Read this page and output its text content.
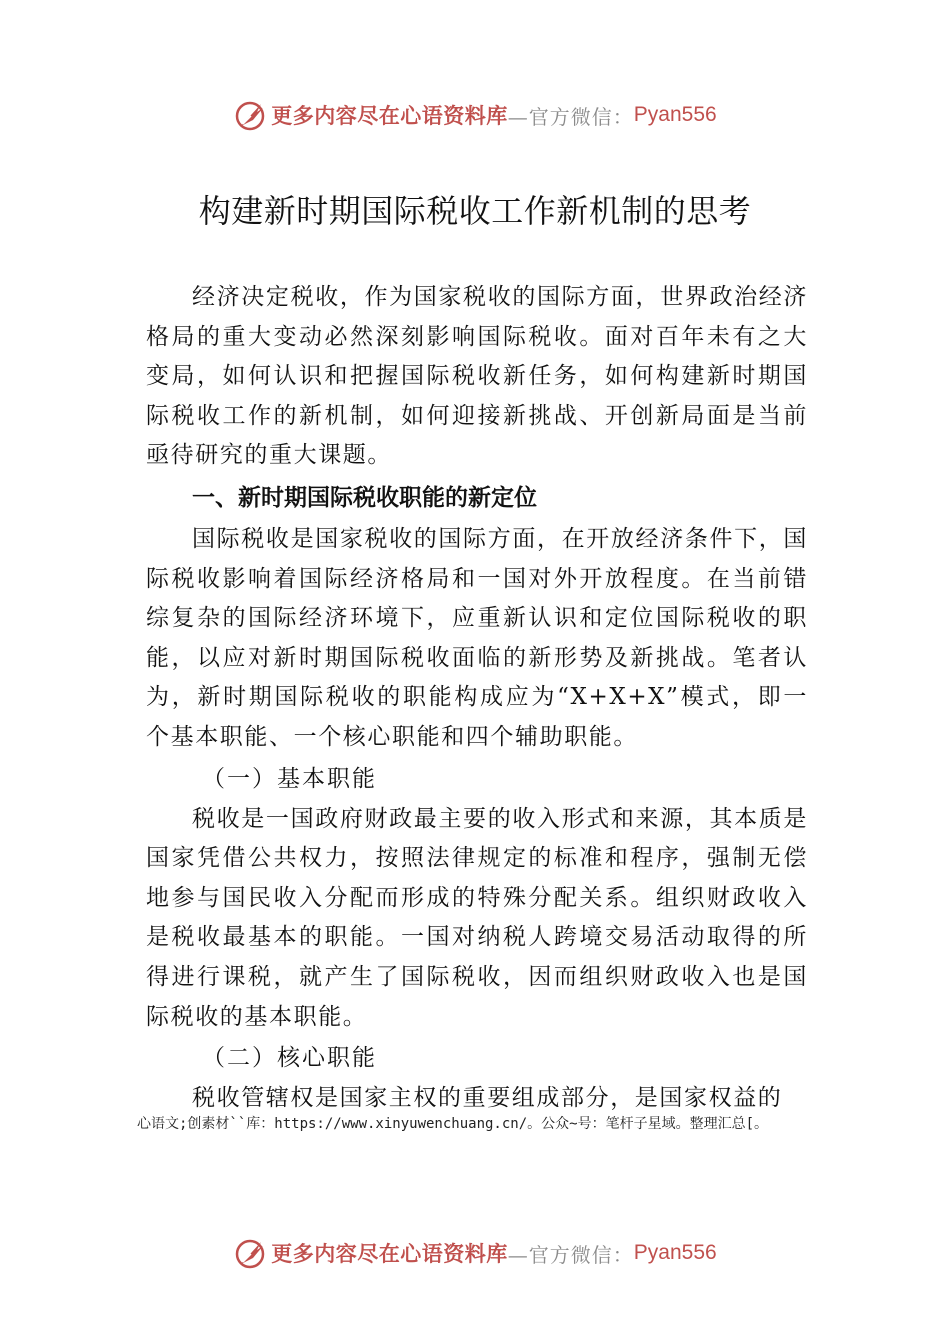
更多内容尽在心语资料库 —官方微信： Pyan556
构建新时期国际税收工作新机制的思考

经济决定税收，作为国家税收的国际方面，世界政治经济格局的重大变动必然深刻影响国际税收。面对百年未有之大变局，如何认识和把握国际税收新任务，如何构建新时期国际税收工作的新机制，如何迎接新挑战、开创新局面是当前亟待研究的重大课题。

一、新时期国际税收职能的新定位

国际税收是国家税收的国际方面，在开放经济条件下，国际税收影响着国际经济格局和一国对外开放程度。在当前错综复杂的国际经济环境下，应重新认识和定位国际税收的职能，以应对新时期国际税收面临的新形势及新挑战。笔者认为，新时期国际税收的职能构成应为“X+X+X”模式，即一个基本职能、一个核心职能和四个辅助职能。

（一）基本职能

税收是一国政府财政最主要的收入形式和来源，其本质是国家凭借公共权力，按照法律规定的标准和程序，强制无偿地参与国民收入分配而形成的特殊分配关系。组织财政收入是税收最基本的职能。一国对纳税人跨境交易活动取得的所得进行课税，就产生了国际税收，因而组织财政收入也是国际税收的基本职能。

（二）核心职能

税收管辖权是国家主权的重要组成部分，是国家权益的

心语文;创素材``库：https://www.xinyuwenchuang.cn/。公众~号：笔杆子星域。整理汇总[。
更多内容尽在心语资料库 —官方微信： Pyan556
